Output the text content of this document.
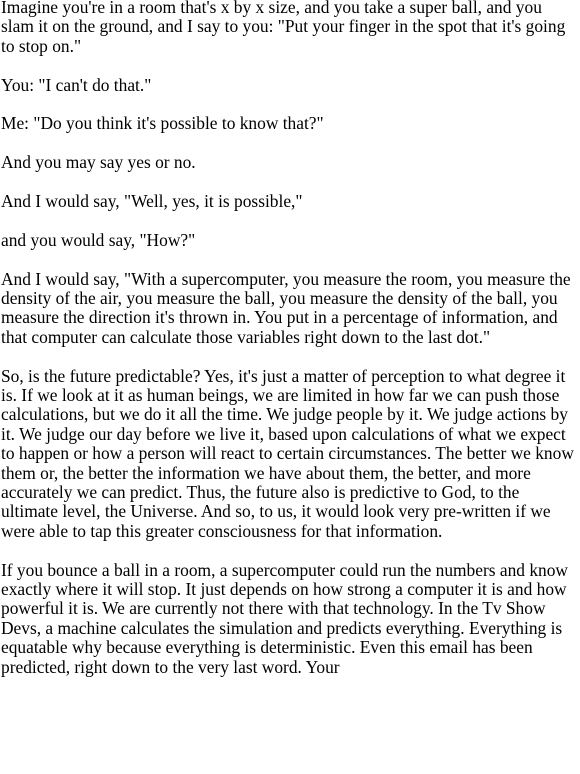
Imagine you're in a room that's x by x size, and you take a super ball, and you slam it on the ground, and I say to you: "Put your finger in the spot that it's going to stop on."

You: "I can't do that."

Me: "Do you think it's possible to know that?"

And you may say yes or no.

And I would say, "Well, yes, it is possible,"

and you would say, "How?"

And I would say, "With a supercomputer, you measure the room, you measure the density of the air, you measure the ball, you measure the density of the ball, you measure the direction it's thrown in. You put in a percentage of information, and that computer can calculate those variables right down to the last dot."

So, is the future predictable? Yes, it's just a matter of perception to what degree it is. If we look at it as human beings, we are limited in how far we can push those calculations, but we do it all the time. We judge people by it. We judge actions by it. We judge our day before we live it, based upon calculations of what we expect to happen or how a person will react to certain circumstances. The better we know them or, the better the information we have about them, the better, and more accurately we can predict. Thus, the future also is predictive to God, to the ultimate level, the Universe. And so, to us, it would look very pre-written if we were able to tap this greater consciousness for that information.

If you bounce a ball in a room, a supercomputer could run the numbers and know exactly where it will stop. It just depends on how strong a computer it is and how powerful it is. We are currently not there with that technology. In the Tv Show Devs, a machine calculates the simulation and predicts everything. Everything is equatable why because everything is deterministic. Even this email has been predicted, right down to the very last word. Your
